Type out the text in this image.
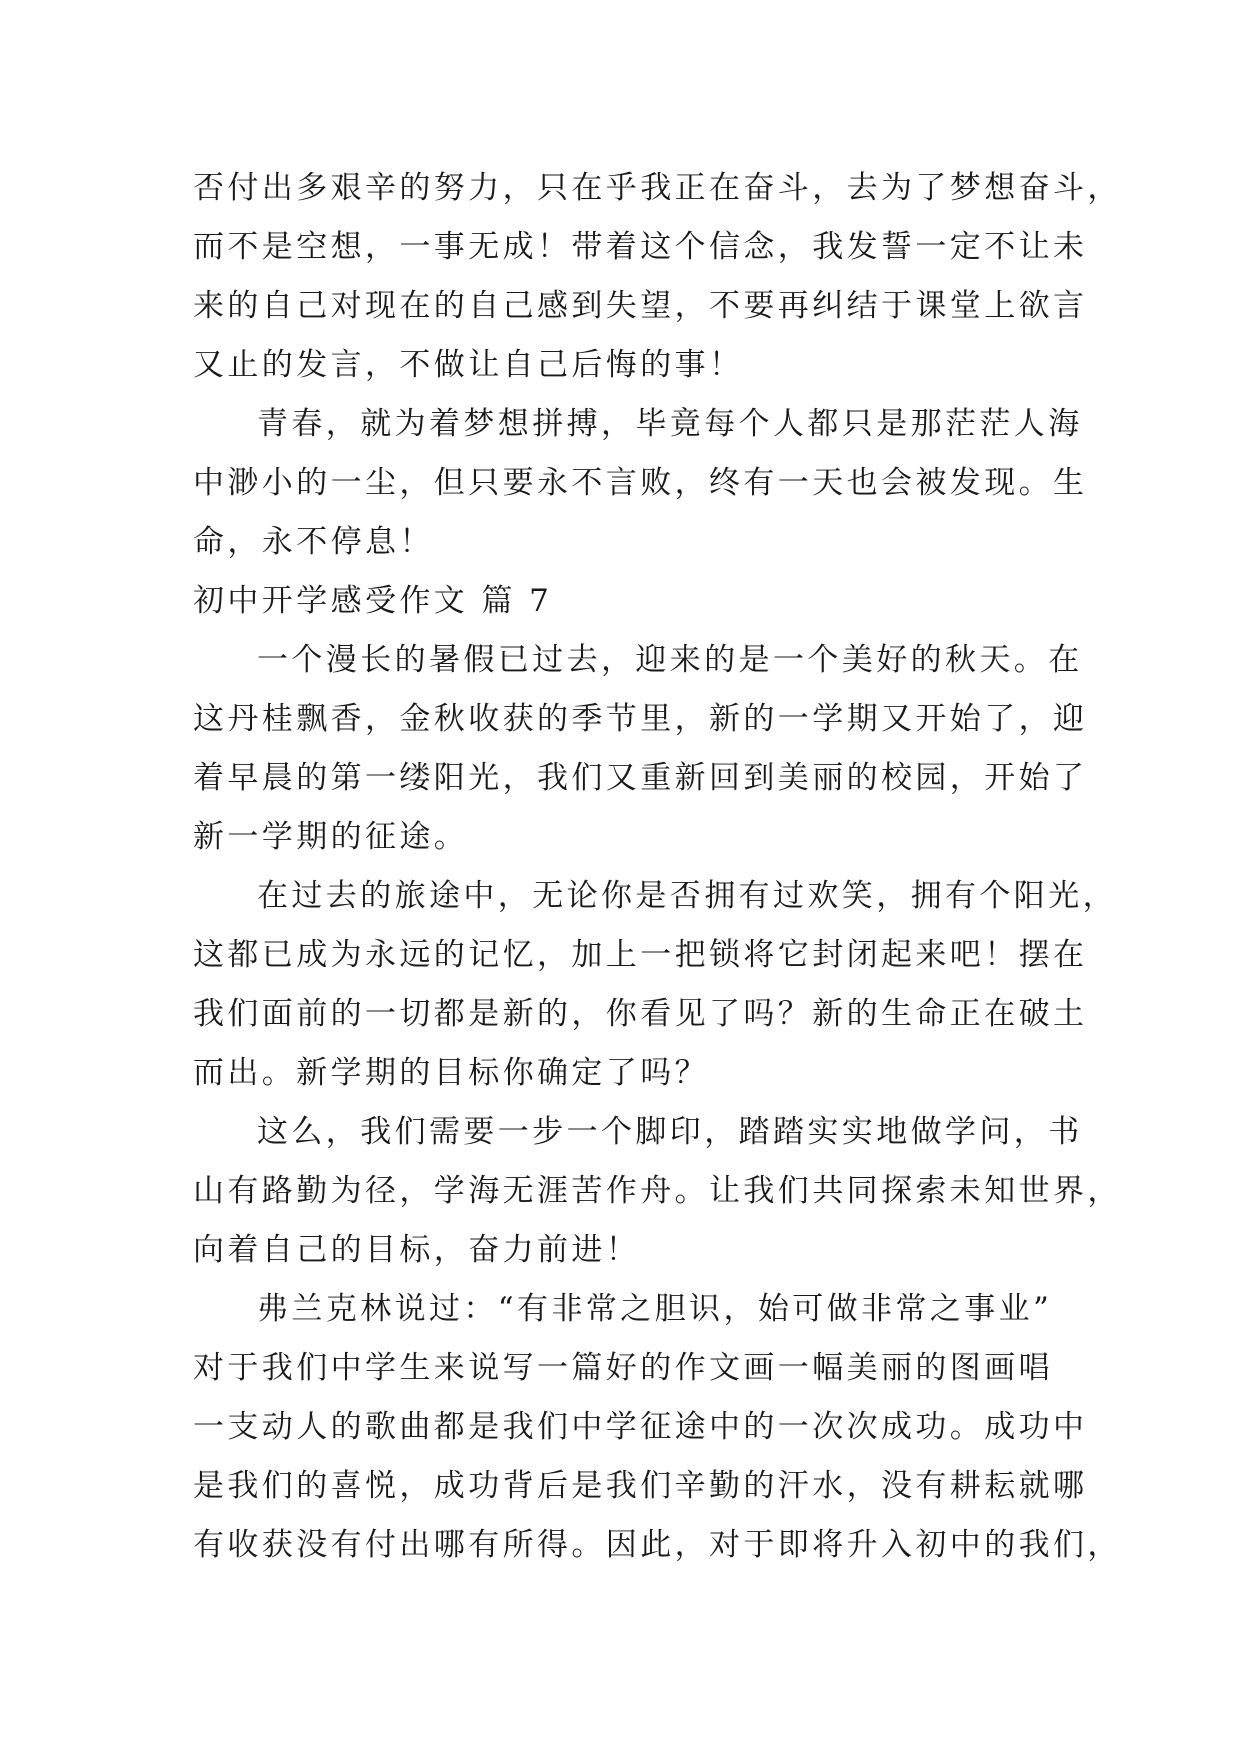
否付出多艰辛的努力，只在乎我正在奋斗，去为了梦想奋斗，
而不是空想，一事无成！带着这个信念，我发誓一定不让未
来的自己对现在的自己感到失望，不要再纠结于课堂上欲言
又止的发言，不做让自己后悔的事！
青春，就为着梦想拼搏，毕竟每个人都只是那茫茫人海
中渺小的一尘，但只要永不言败，终有一天也会被发现。生
命，永不停息！
初中开学感受作文 篇 7
一个漫长的暑假已过去，迎来的是一个美好的秋天。在
这丹桂飘香，金秋收获的季节里，新的一学期又开始了，迎
着早晨的第一缕阳光，我们又重新回到美丽的校园，开始了
新一学期的征途。
在过去的旅途中，无论你是否拥有过欢笑，拥有个阳光，
这都已成为永远的记忆，加上一把锁将它封闭起来吧！摆在
我们面前的一切都是新的，你看见了吗？新的生命正在破土
而出。新学期的目标你确定了吗？
这么，我们需要一步一个脚印，踏踏实实地做学问，书
山有路勤为径，学海无涯苦作舟。让我们共同探索未知世界，
向着自己的目标，奋力前进！
弗兰克林说过：“有非常之胆识，始可做非常之事业”
对于我们中学生来说写一篇好的作文画一幅美丽的图画唱
一支动人的歌曲都是我们中学征途中的一次次成功。成功中
是我们的喜悦，成功背后是我们辛勤的汗水，没有耕耘就哪
有收获没有付出哪有所得。因此，对于即将升入初中的我们，
